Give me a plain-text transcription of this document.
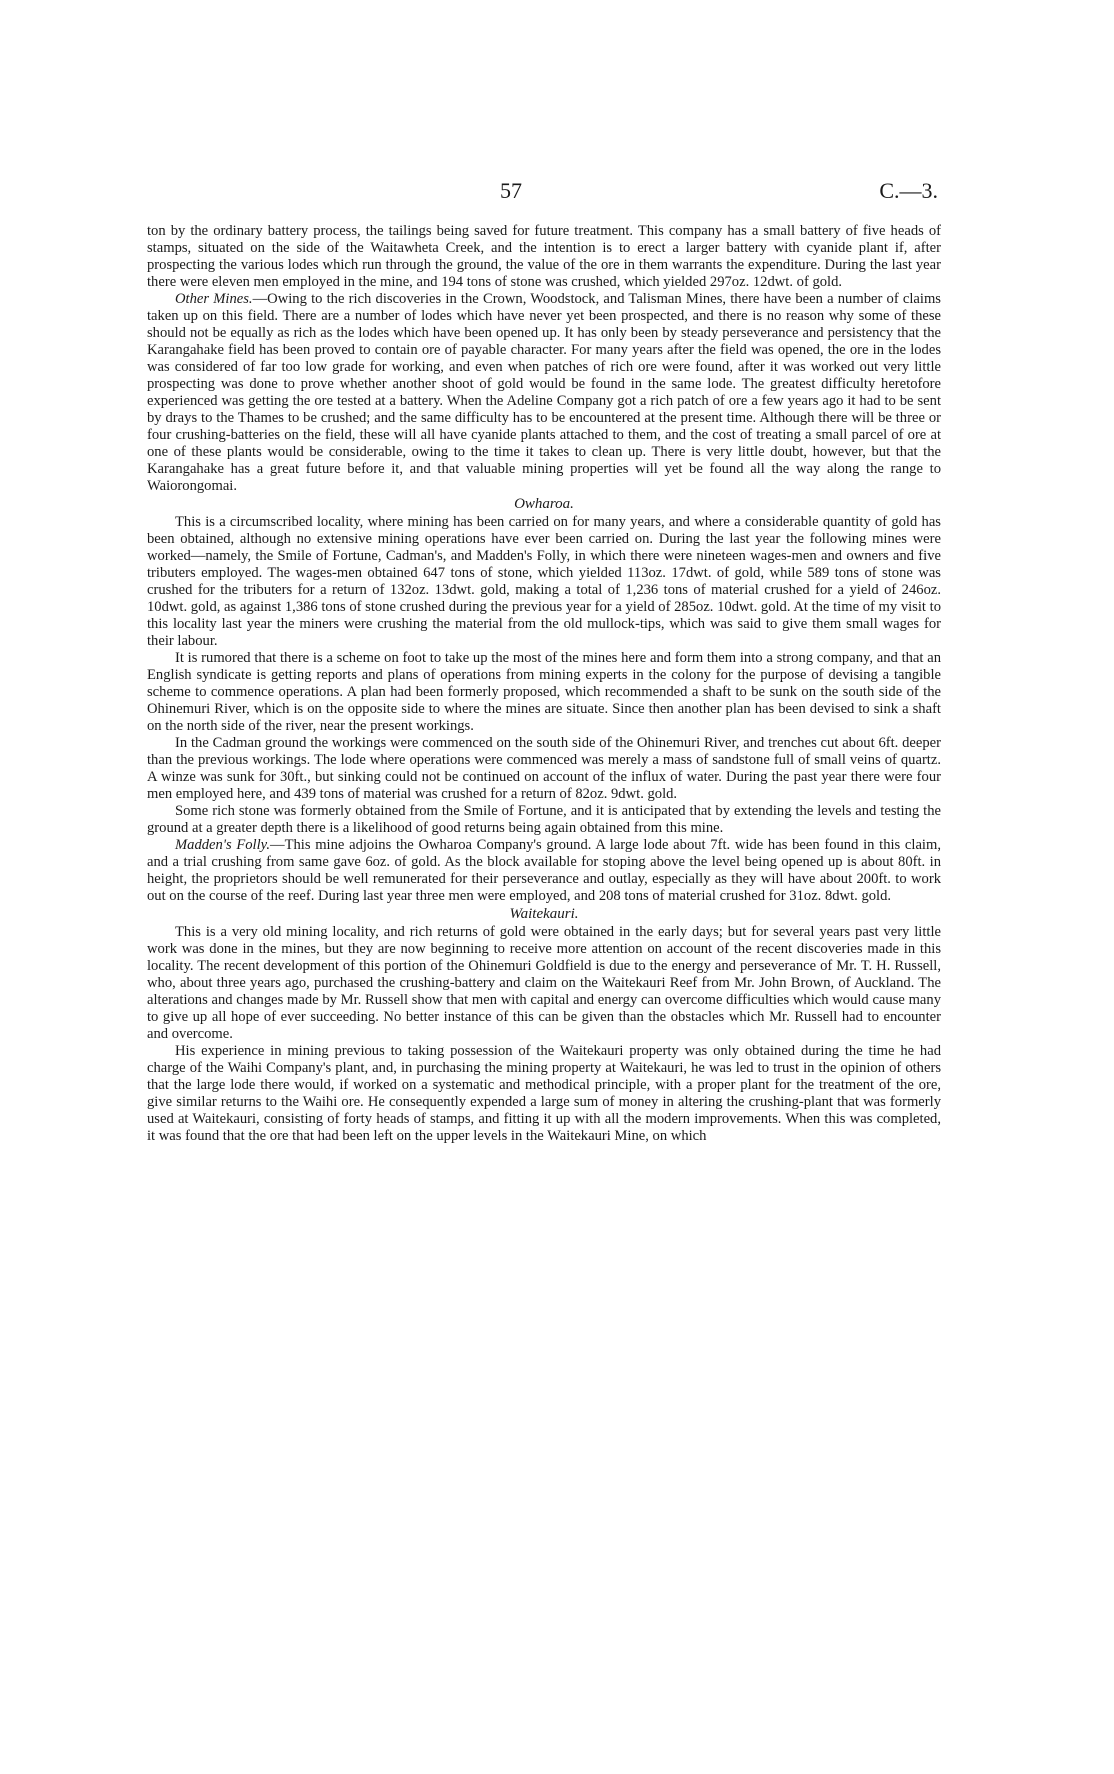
57	C.—3.

ton by the ordinary battery process, the tailings being saved for future treatment. This company has a small battery of five heads of stamps, situated on the side of the Waitawheta Creek, and the intention is to erect a larger battery with cyanide plant if, after prospecting the various lodes which run through the ground, the value of the ore in them warrants the expenditure. During the last year there were eleven men employed in the mine, and 194 tons of stone was crushed, which yielded 297oz. 12dwt. of gold.

Other Mines.—Owing to the rich discoveries in the Crown, Woodstock, and Talisman Mines, there have been a number of claims taken up on this field. There are a number of lodes which have never yet been prospected, and there is no reason why some of these should not be equally as rich as the lodes which have been opened up. It has only been by steady perseverance and persistency that the Karangahake field has been proved to contain ore of payable character. For many years after the field was opened, the ore in the lodes was considered of far too low grade for working, and even when patches of rich ore were found, after it was worked out very little prospecting was done to prove whether another shoot of gold would be found in the same lode. The greatest difficulty heretofore experienced was getting the ore tested at a battery. When the Adeline Company got a rich patch of ore a few years ago it had to be sent by drays to the Thames to be crushed; and the same difficulty has to be encountered at the present time. Although there will be three or four crushing-batteries on the field, these will all have cyanide plants attached to them, and the cost of treating a small parcel of ore at one of these plants would be considerable, owing to the time it takes to clean up. There is very little doubt, however, but that the Karangahake has a great future before it, and that valuable mining properties will yet be found all the way along the range to Waiorongomai.

Owharoa.

This is a circumscribed locality, where mining has been carried on for many years, and where a considerable quantity of gold has been obtained, although no extensive mining operations have ever been carried on. During the last year the following mines were worked—namely, the Smile of Fortune, Cadman's, and Madden's Folly, in which there were nineteen wages-men and owners and five tributers employed. The wages-men obtained 647 tons of stone, which yielded 113oz. 17dwt. of gold, while 589 tons of stone was crushed for the tributers for a return of 132oz. 13dwt. gold, making a total of 1,236 tons of material crushed for a yield of 246oz. 10dwt. gold, as against 1,386 tons of stone crushed during the previous year for a yield of 285oz. 10dwt. gold. At the time of my visit to this locality last year the miners were crushing the material from the old mullock-tips, which was said to give them small wages for their labour.

It is rumored that there is a scheme on foot to take up the most of the mines here and form them into a strong company, and that an English syndicate is getting reports and plans of operations from mining experts in the colony for the purpose of devising a tangible scheme to commence operations. A plan had been formerly proposed, which recommended a shaft to be sunk on the south side of the Ohinemuri River, which is on the opposite side to where the mines are situate. Since then another plan has been devised to sink a shaft on the north side of the river, near the present workings.

In the Cadman ground the workings were commenced on the south side of the Ohinemuri River, and trenches cut about 6ft. deeper than the previous workings. The lode where operations were commenced was merely a mass of sandstone full of small veins of quartz. A winze was sunk for 30ft., but sinking could not be continued on account of the influx of water. During the past year there were four men employed here, and 439 tons of material was crushed for a return of 82oz. 9dwt. gold.

Some rich stone was formerly obtained from the Smile of Fortune, and it is anticipated that by extending the levels and testing the ground at a greater depth there is a likelihood of good returns being again obtained from this mine.

Madden's Folly.—This mine adjoins the Owharoa Company's ground. A large lode about 7ft. wide has been found in this claim, and a trial crushing from same gave 6oz. of gold. As the block available for stoping above the level being opened up is about 80ft. in height, the proprietors should be well remunerated for their perseverance and outlay, especially as they will have about 200ft. to work out on the course of the reef. During last year three men were employed, and 208 tons of material crushed for 31oz. 8dwt. gold.

Waitekauri.

This is a very old mining locality, and rich returns of gold were obtained in the early days; but for several years past very little work was done in the mines, but they are now beginning to receive more attention on account of the recent discoveries made in this locality. The recent development of this portion of the Ohinemuri Goldfield is due to the energy and perseverance of Mr. T. H. Russell, who, about three years ago, purchased the crushing-battery and claim on the Waitekauri Reef from Mr. John Brown, of Auckland. The alterations and changes made by Mr. Russell show that men with capital and energy can overcome difficulties which would cause many to give up all hope of ever succeeding. No better instance of this can be given than the obstacles which Mr. Russell had to encounter and overcome.

His experience in mining previous to taking possession of the Waitekauri property was only obtained during the time he had charge of the Waihi Company's plant, and, in purchasing the mining property at Waitekauri, he was led to trust in the opinion of others that the large lode there would, if worked on a systematic and methodical principle, with a proper plant for the treatment of the ore, give similar returns to the Waihi ore. He consequently expended a large sum of money in altering the crushing-plant that was formerly used at Waitekauri, consisting of forty heads of stamps, and fitting it up with all the modern improvements. When this was completed, it was found that the ore that had been left on the upper levels in the Waitekauri Mine, on which
